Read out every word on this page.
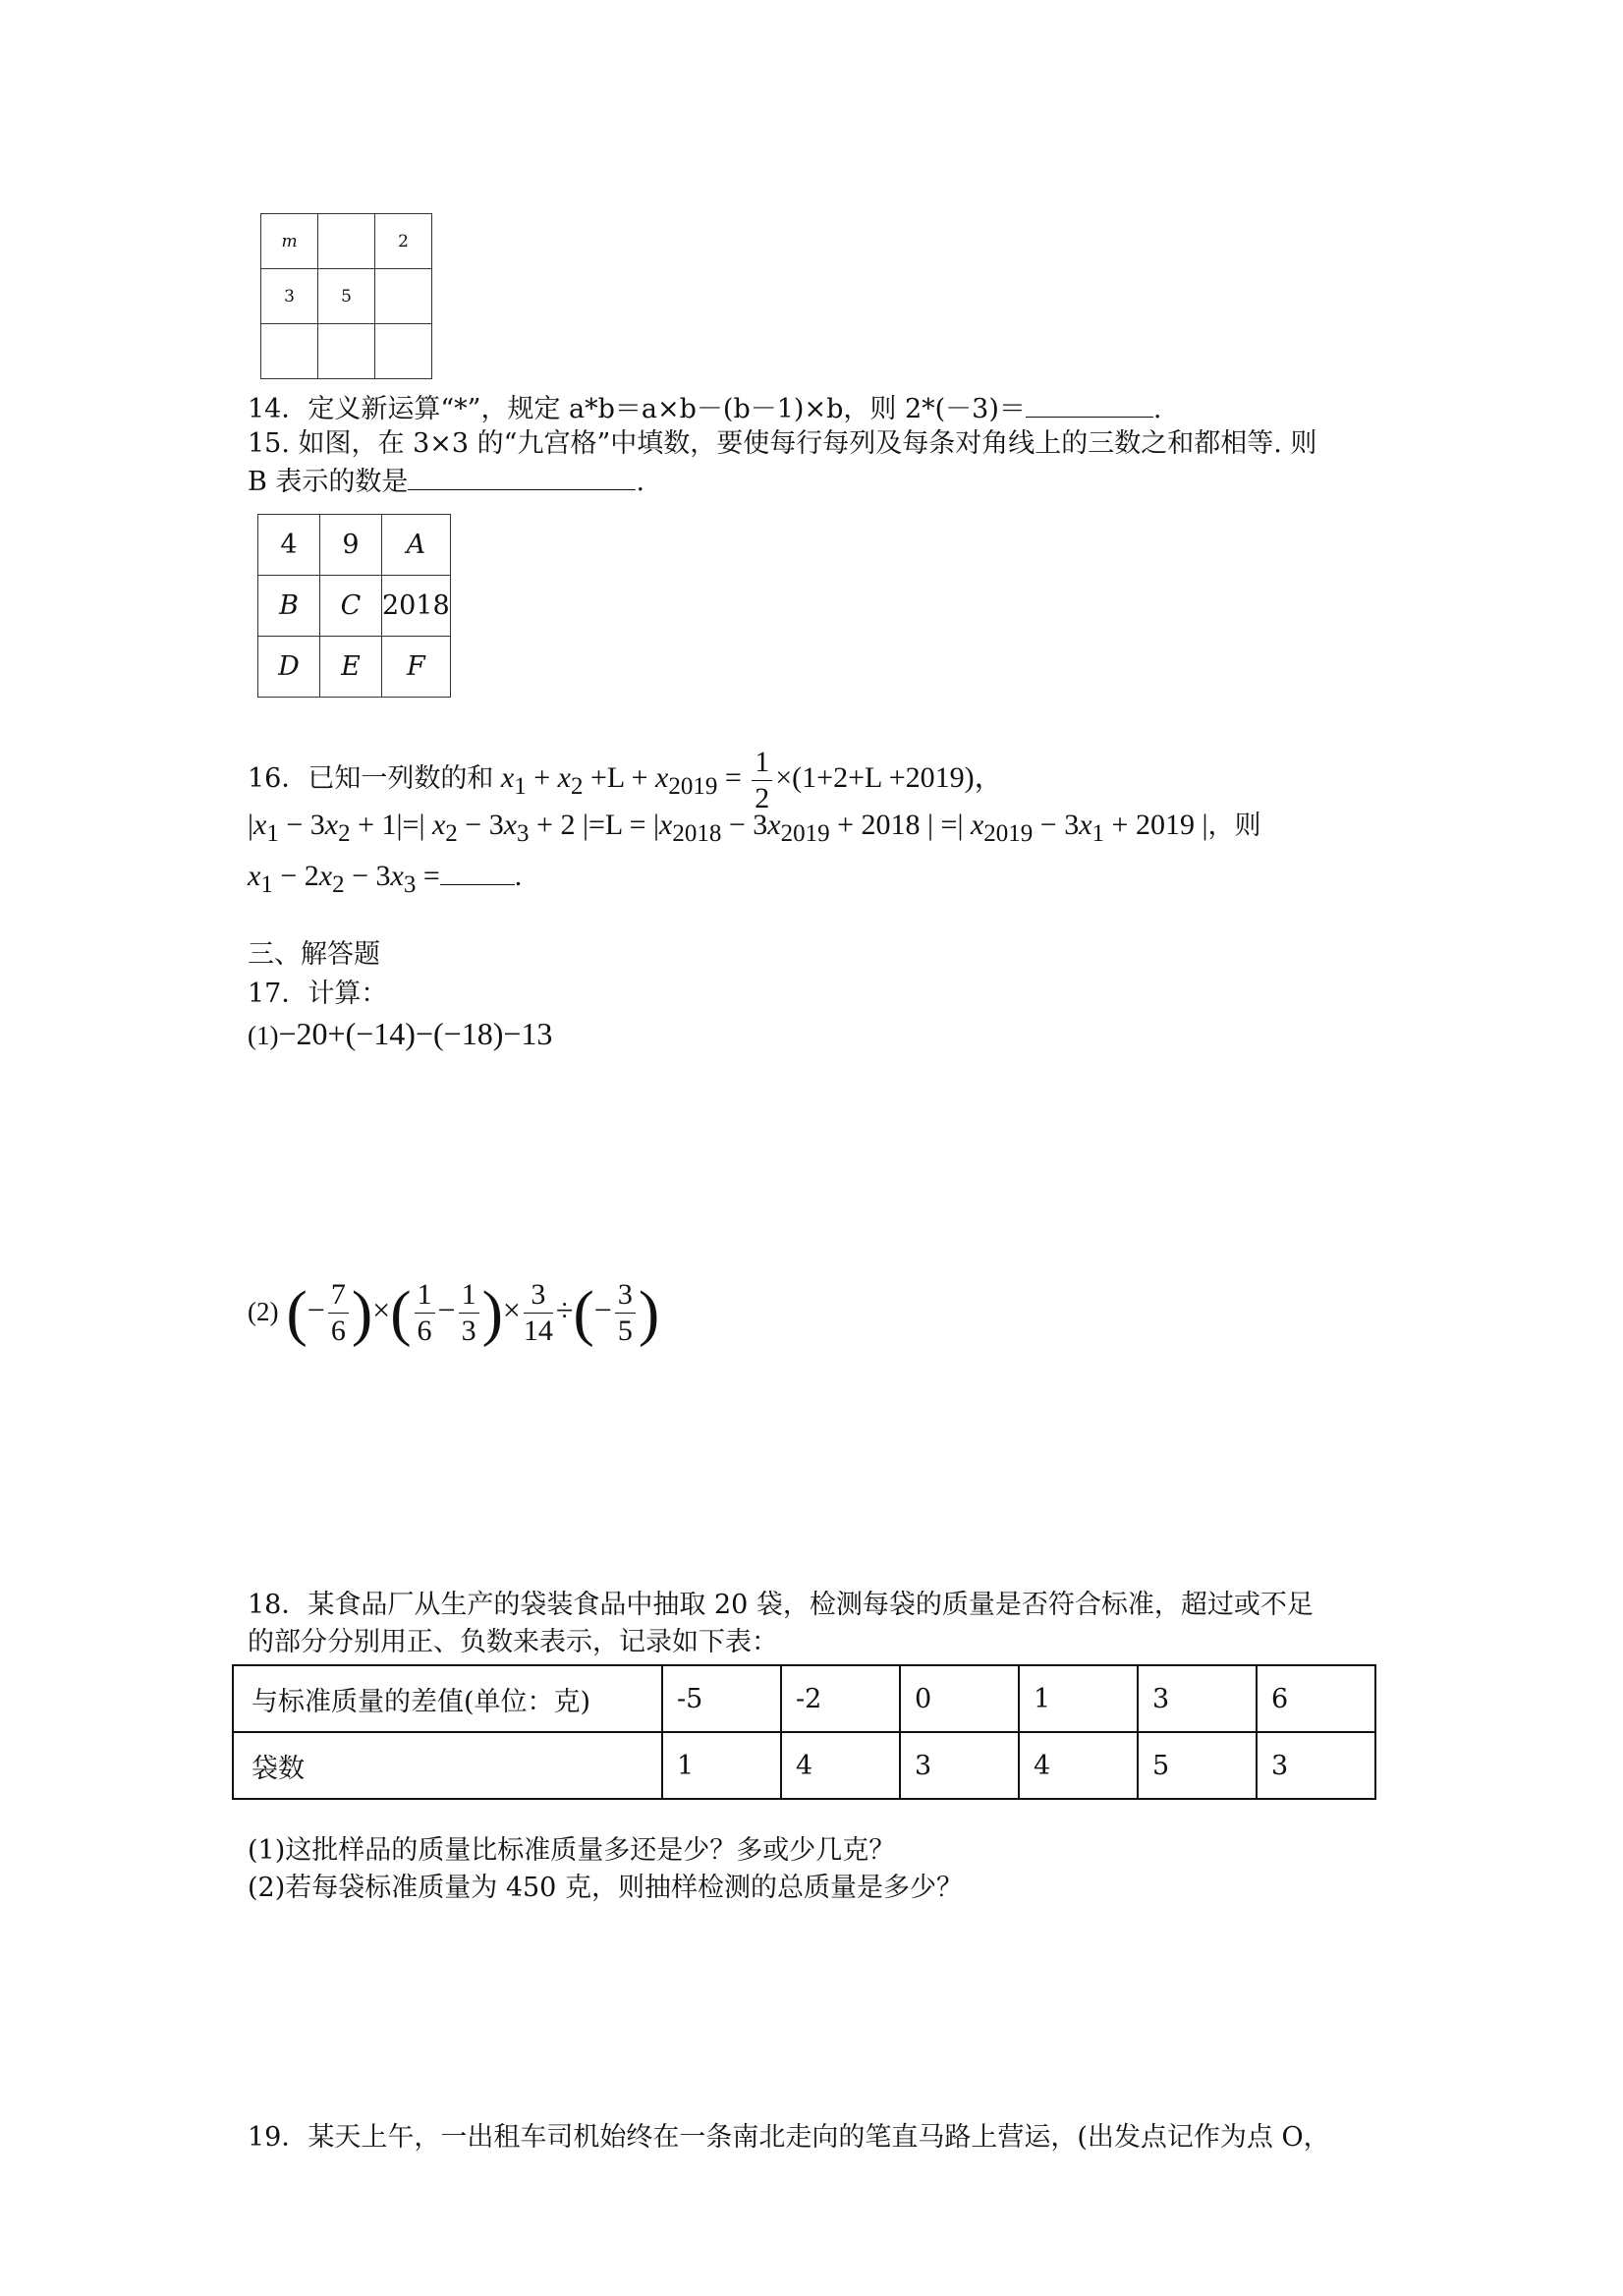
m		2
3	5	

14．定义新运算“*”，规定 a*b＝a×b－(b－1)×b，则 2*(－3)＝	.
15. 如图，在 3×3 的“九宫格”中填数，要使每行每列及每条对角线上的三数之和都相等. 则
B 表示的数是	.
4	9	A
B	C	2018
D	E	F
16．已知一列数的和 $x_1 + x_2 +L + x_{2019} = \frac{1}{2} \times(1+2+L +2019)$，
$|x_1 - 3x_2 + 1|=|$ $x_2 - 3x_3 + 2$ $|=L = |x_{2018} - 3x_{2019} + 2018$ | =| $x_{2019} - 3x_1 + 2019$ |，则
$x_1 - 2x_2 - 3x_3$ =	.
三、解答题
17．计算：
(1)−20+(−14)−(−18)−13
(2) (− $\frac{7}{6}$ )×( $\frac{1}{6} - \frac{1}{3}$ )× $\frac{3}{14}$ ÷(− $\frac{3}{5}$ )
18．某食品厂从生产的袋装食品中抽取 20 袋，检测每袋的质量是否符合标准，超过或不足
的部分分别用正、负数来表示，记录如下表：
与标准质量的差值(单位：克)	-5	-2	0	1	3	6
袋数	1	4	3	4	5	3
(1)这批样品的质量比标准质量多还是少？多或少几克？
(2)若每袋标准质量为 450 克，则抽样检测的总质量是多少？
19．某天上午，一出租车司机始终在一条南北走向的笔直马路上营运，(出发点记作为点 O，
